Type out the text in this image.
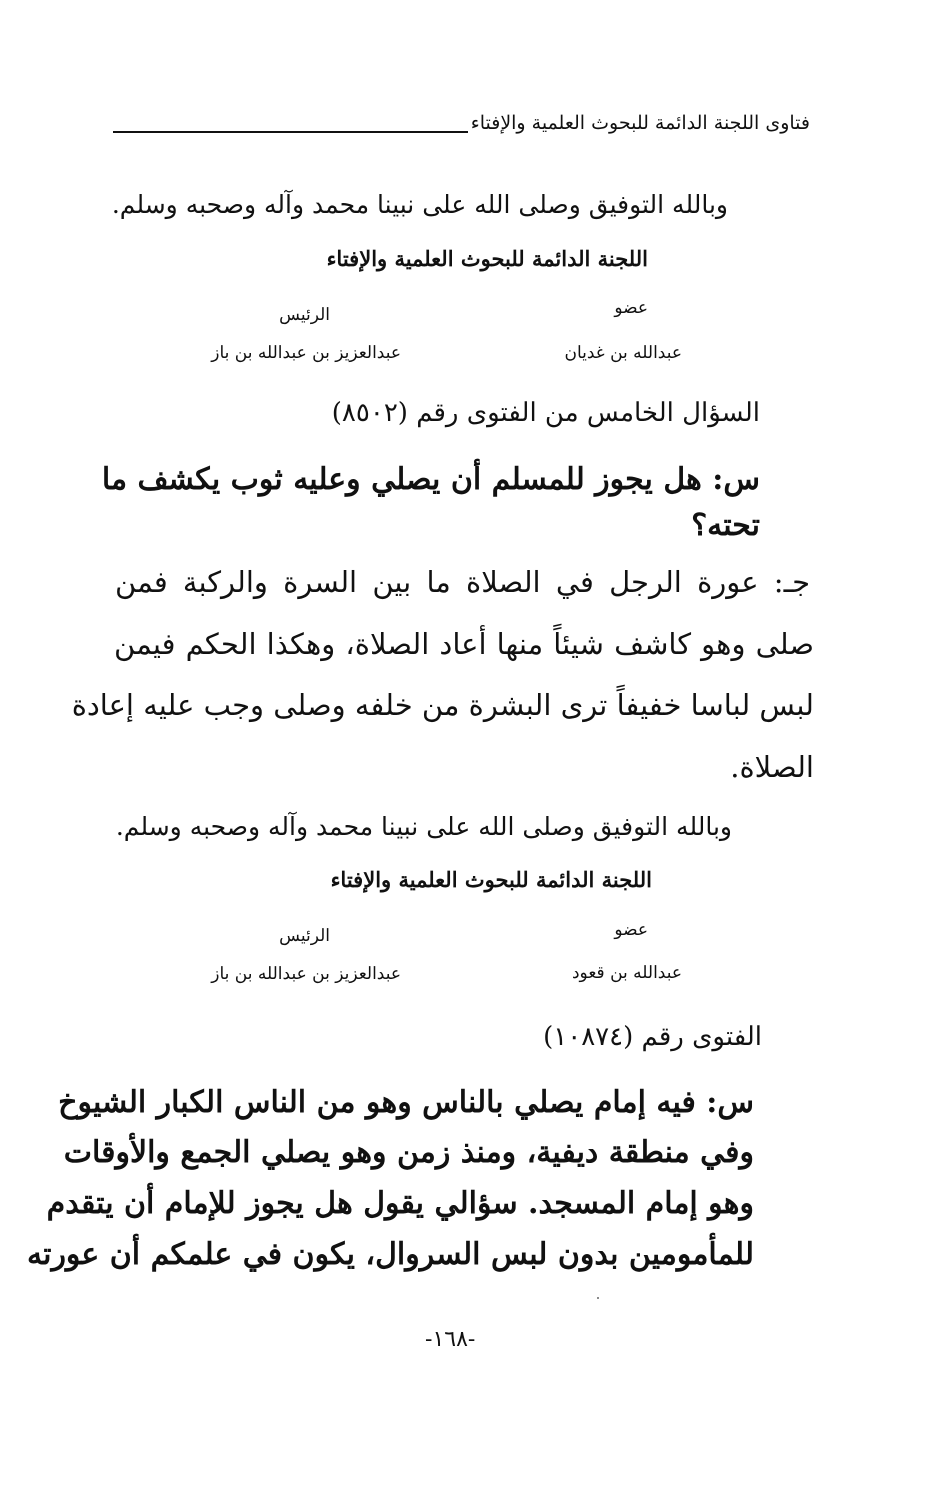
فتاوى اللجنة الدائمة للبحوث العلمية والإفتاء
وبالله التوفيق وصلى الله على نبينا محمد وآله وصحبه وسلم.
اللجنة الدائمة للبحوث العلمية والإفتاء
عضو
الرئيس
عبدالله بن غديان
عبدالعزيز بن عبدالله بن باز
السؤال الخامس من الفتوى رقم (٨٥٠٢)
س: هل يجوز للمسلم أن يصلي وعليه ثوب يكشف ما
تحته؟
جـ: عورة الرجل في الصلاة ما بين السرة والركبة فمن
صلى وهو كاشف شيئاً منها أعاد الصلاة، وهكذا الحكم فيمن
لبس لباسا خفيفاً ترى البشرة من خلفه وصلى وجب عليه إعادة
الصلاة.
وبالله التوفيق وصلى الله على نبينا محمد وآله وصحبه وسلم.
اللجنة الدائمة للبحوث العلمية والإفتاء
عضو
الرئيس
عبدالله بن قعود
عبدالعزيز بن عبدالله بن باز
الفتوى رقم (١٠٨٧٤)
س: فيه إمام يصلي بالناس وهو من الناس الكبار الشيوخ
وفي منطقة ديفية، ومنذ زمن وهو يصلي الجمع والأوقات
وهو إمام المسجد. سؤالي يقول هل يجوز للإمام أن يتقدم
للمأمومين بدون لبس السروال، يكون في علمكم أن عورته
-١٦٨-
